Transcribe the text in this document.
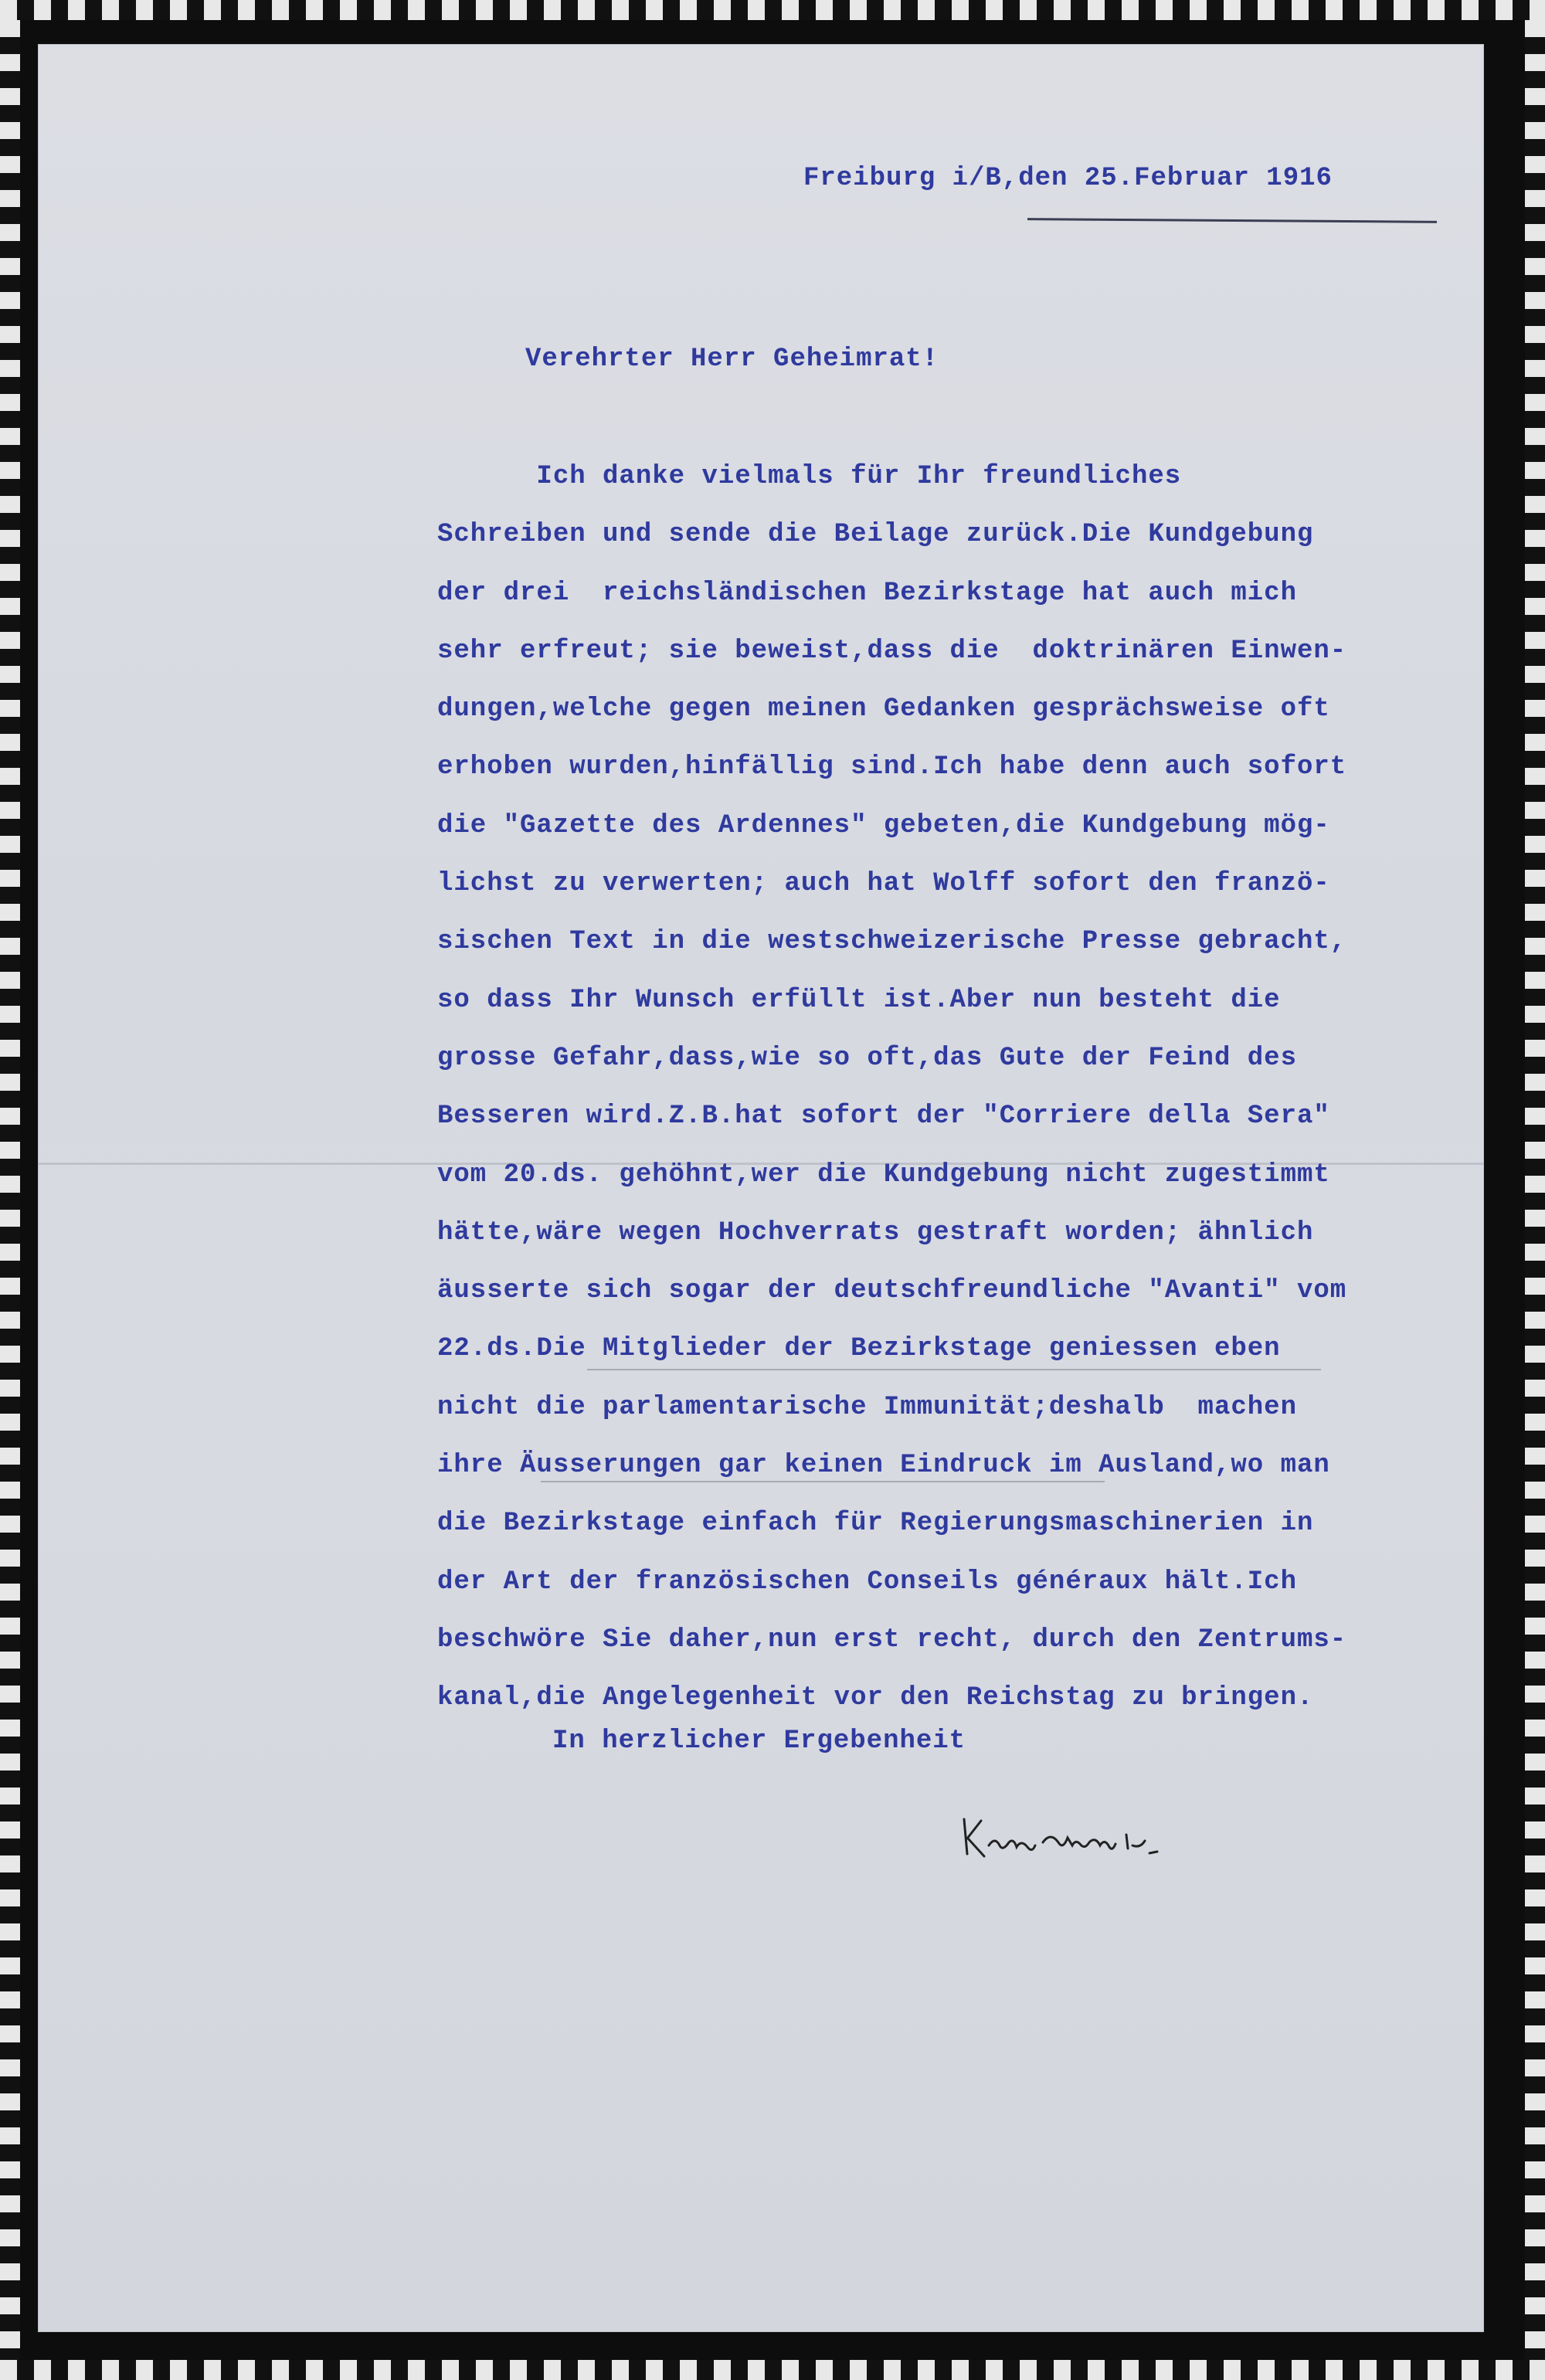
Freiburg i/B,den 25.Februar 1916
Verehrter Herr Geheimrat!
Ich danke vielmals für Ihr freundliches
Schreiben und sende die Beilage zurück.Die Kundgebung
der drei  reichsländischen Bezirkstage hat auch mich
sehr erfreut; sie beweist,dass die  doktrinären Einwen-
dungen,welche gegen meinen Gedanken gesprächsweise oft
erhoben wurden,hinfällig sind.Ich habe denn auch sofort
die "Gazette des Ardennes" gebeten,die Kundgebung mög-
lichst zu verwerten; auch hat Wolff sofort den franzö-
sischen Text in die westschweizerische Presse gebracht,
so dass Ihr Wunsch erfüllt ist.Aber nun besteht die
grosse Gefahr,dass,wie so oft,das Gute der Feind des
Besseren wird.Z.B.hat sofort der "Corriere della Sera"
vom 20.ds. gehöhnt,wer die Kundgebung nicht zugestimmt
hätte,wäre wegen Hochverrats gestraft worden; ähnlich
äusserte sich sogar der deutschfreundliche "Avanti" vom
22.ds.Die Mitglieder der Bezirkstage geniessen eben
nicht die parlamentarische Immunität;deshalb  machen
ihre Äusserungen gar keinen Eindruck im Ausland,wo man
die Bezirkstage einfach für Regierungsmaschinerien in
der Art der französischen Conseils généraux hält.Ich
beschwöre Sie daher,nun erst recht, durch den Zentrums-
kanal,die Angelegenheit vor den Reichstag zu bringen.
In herzlicher Ergebenheit
